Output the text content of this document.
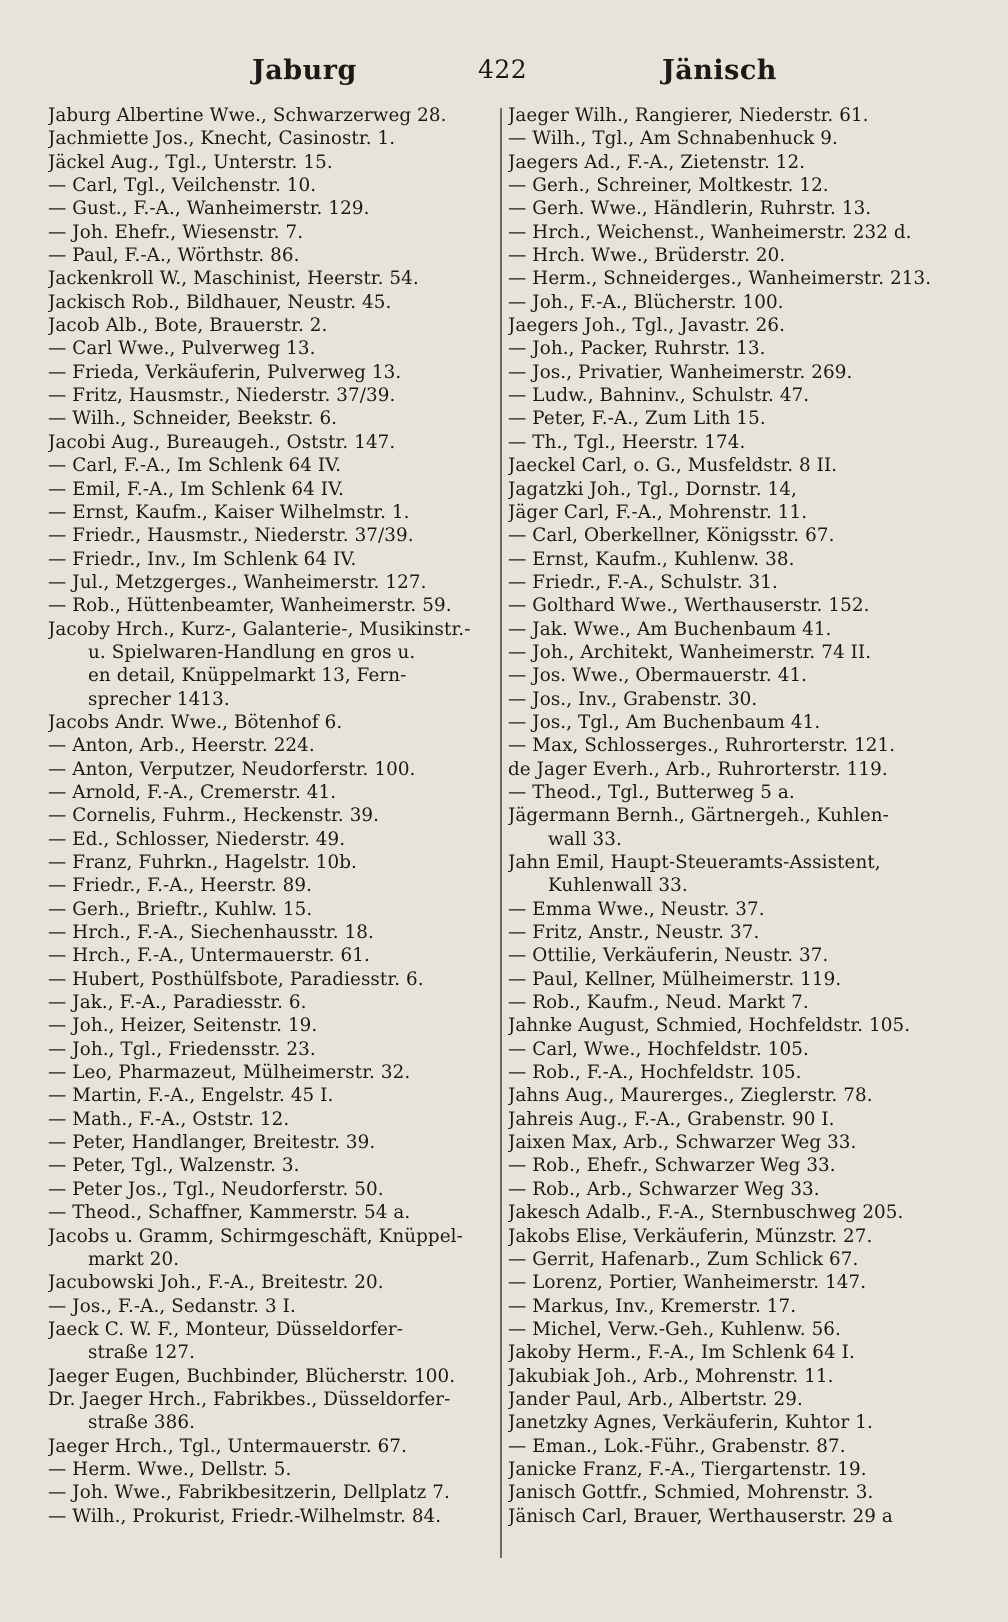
Jaburg	422	Jänisch
Jaburg Albertine Wwe., Schwarzerweg 28.
Jachmiette Jos., Knecht, Casinostr. 1.
Jäckel Aug., Tgl., Unterstr. 15.
— Carl, Tgl., Veilchenstr. 10.
— Gust., F.-A., Wanheimerstr. 129.
— Joh. Ehefr., Wiesenstr. 7.
— Paul, F.-A., Wörthstr. 86.
Jackenkroll W., Maschinist, Heerstr. 54.
Jackisch Rob., Bildhauer, Neustr. 45.
Jacob Alb., Bote, Brauerstr. 2.
— Carl Wwe., Pulverweg 13.
— Frieda, Verkäuferin, Pulverweg 13.
— Fritz, Hausmstr., Niederstr. 37/39.
— Wilh., Schneider, Beekstr. 6.
Jacobi Aug., Bureaugeh., Oststr. 147.
— Carl, F.-A., Im Schlenk 64 IV.
— Emil, F.-A., Im Schlenk 64 IV.
— Ernst, Kaufm., Kaiser Wilhelmstr. 1.
— Friedr., Hausmstr., Niederstr. 37/39.
— Friedr., Inv., Im Schlenk 64 IV.
— Jul., Metzgerges., Wanheimerstr. 127.
— Rob., Hüttenbeamter, Wanheimerstr. 59.
Jacoby Hrch., Kurz-, Galanterie-, Musikinstr.-
u. Spielwaren-Handlung en gros u.
en detail, Knüppelmarkt 13, Fern-
sprecher 1413.
Jacobs Andr. Wwe., Bötenhof 6.
— Anton, Arb., Heerstr. 224.
— Anton, Verputzer, Neudorferstr. 100.
— Arnold, F.-A., Cremerstr. 41.
— Cornelis, Fuhrm., Heckenstr. 39.
— Ed., Schlosser, Niederstr. 49.
— Franz, Fuhrkn., Hagelstr. 10b.
— Friedr., F.-A., Heerstr. 89.
— Gerh., Brieftr., Kuhlw. 15.
— Hrch., F.-A., Siechenhausstr. 18.
— Hrch., F.-A., Untermauerstr. 61.
— Hubert, Posthülfsbote, Paradiesstr. 6.
— Jak., F.-A., Paradiesstr. 6.
— Joh., Heizer, Seitenstr. 19.
— Joh., Tgl., Friedensstr. 23.
— Leo, Pharmazeut, Mülheimerstr. 32.
— Martin, F.-A., Engelstr. 45 I.
— Math., F.-A., Oststr. 12.
— Peter, Handlanger, Breitestr. 39.
— Peter, Tgl., Walzenstr. 3.
— Peter Jos., Tgl., Neudorferstr. 50.
— Theod., Schaffner, Kammerstr. 54 a.
Jacobs u. Gramm, Schirmgeschäft, Knüppel-
markt 20.
Jacubowski Joh., F.-A., Breitestr. 20.
— Jos., F.-A., Sedanstr. 3 I.
Jaeck C. W. F., Monteur, Düsseldorfer-
straße 127.
Jaeger Eugen, Buchbinder, Blücherstr. 100.
Dr. Jaeger Hrch., Fabrikbes., Düsseldorfer-
straße 386.
Jaeger Hrch., Tgl., Untermauerstr. 67.
— Herm. Wwe., Dellstr. 5.
— Joh. Wwe., Fabrikbesitzerin, Dellplatz 7.
— Wilh., Prokurist, Friedr.-Wilhelmstr. 84.
Jaeger Wilh., Rangierer, Niederstr. 61.
— Wilh., Tgl., Am Schnabenhuck 9.
Jaegers Ad., F.-A., Zietenstr. 12.
— Gerh., Schreiner, Moltkestr. 12.
— Gerh. Wwe., Händlerin, Ruhrstr. 13.
— Hrch., Weichenst., Wanheimerstr. 232 d.
— Hrch. Wwe., Brüderstr. 20.
— Herm., Schneiderges., Wanheimerstr. 213.
— Joh., F.-A., Blücherstr. 100.
Jaegers Joh., Tgl., Javastr. 26.
— Joh., Packer, Ruhrstr. 13.
— Jos., Privatier, Wanheimerstr. 269.
— Ludw., Bahninv., Schulstr. 47.
— Peter, F.-A., Zum Lith 15.
— Th., Tgl., Heerstr. 174.
Jaeckel Carl, o. G., Musfeldstr. 8 II.
Jagatzki Joh., Tgl., Dornstr. 14,
Jäger Carl, F.-A., Mohrenstr. 11.
— Carl, Oberkellner, Königsstr. 67.
— Ernst, Kaufm., Kuhlenw. 38.
— Friedr., F.-A., Schulstr. 31.
— Golthard Wwe., Werthauserstr. 152.
— Jak. Wwe., Am Buchenbaum 41.
— Joh., Architekt, Wanheimerstr. 74 II.
— Jos. Wwe., Obermauerstr. 41.
— Jos., Inv., Grabenstr. 30.
— Jos., Tgl., Am Buchenbaum 41.
— Max, Schlosserges., Ruhrorterstr. 121.
de Jager Everh., Arb., Ruhrorterstr. 119.
— Theod., Tgl., Butterweg 5 a.
Jägermann Bernh., Gärtnergeh., Kuhlen-
wall 33.
Jahn Emil, Haupt-Steueramts-Assistent,
Kuhlenwall 33.
— Emma Wwe., Neustr. 37.
— Fritz, Anstr., Neustr. 37.
— Ottilie, Verkäuferin, Neustr. 37.
— Paul, Kellner, Mülheimerstr. 119.
— Rob., Kaufm., Neud. Markt 7.
Jahnke August, Schmied, Hochfeldstr. 105.
— Carl, Wwe., Hochfeldstr. 105.
— Rob., F.-A., Hochfeldstr. 105.
Jahns Aug., Maurerges., Zieglerstr. 78.
Jahreis Aug., F.-A., Grabenstr. 90 I.
Jaixen Max, Arb., Schwarzer Weg 33.
— Rob., Ehefr., Schwarzer Weg 33.
— Rob., Arb., Schwarzer Weg 33.
Jakesch Adalb., F.-A., Sternbuschweg 205.
Jakobs Elise, Verkäuferin, Münzstr. 27.
— Gerrit, Hafenarb., Zum Schlick 67.
— Lorenz, Portier, Wanheimerstr. 147.
— Markus, Inv., Kremerstr. 17.
— Michel, Verw.-Geh., Kuhlenw. 56.
Jakoby Herm., F.-A., Im Schlenk 64 I.
Jakubiak Joh., Arb., Mohrenstr. 11.
Jander Paul, Arb., Albertstr. 29.
Janetzky Agnes, Verkäuferin, Kuhtor 1.
— Eman., Lok.-Führ., Grabenstr. 87.
Janicke Franz, F.-A., Tiergartenstr. 19.
Janisch Gottfr., Schmied, Mohrenstr. 3.
Jänisch Carl, Brauer, Werthauserstr. 29 a
